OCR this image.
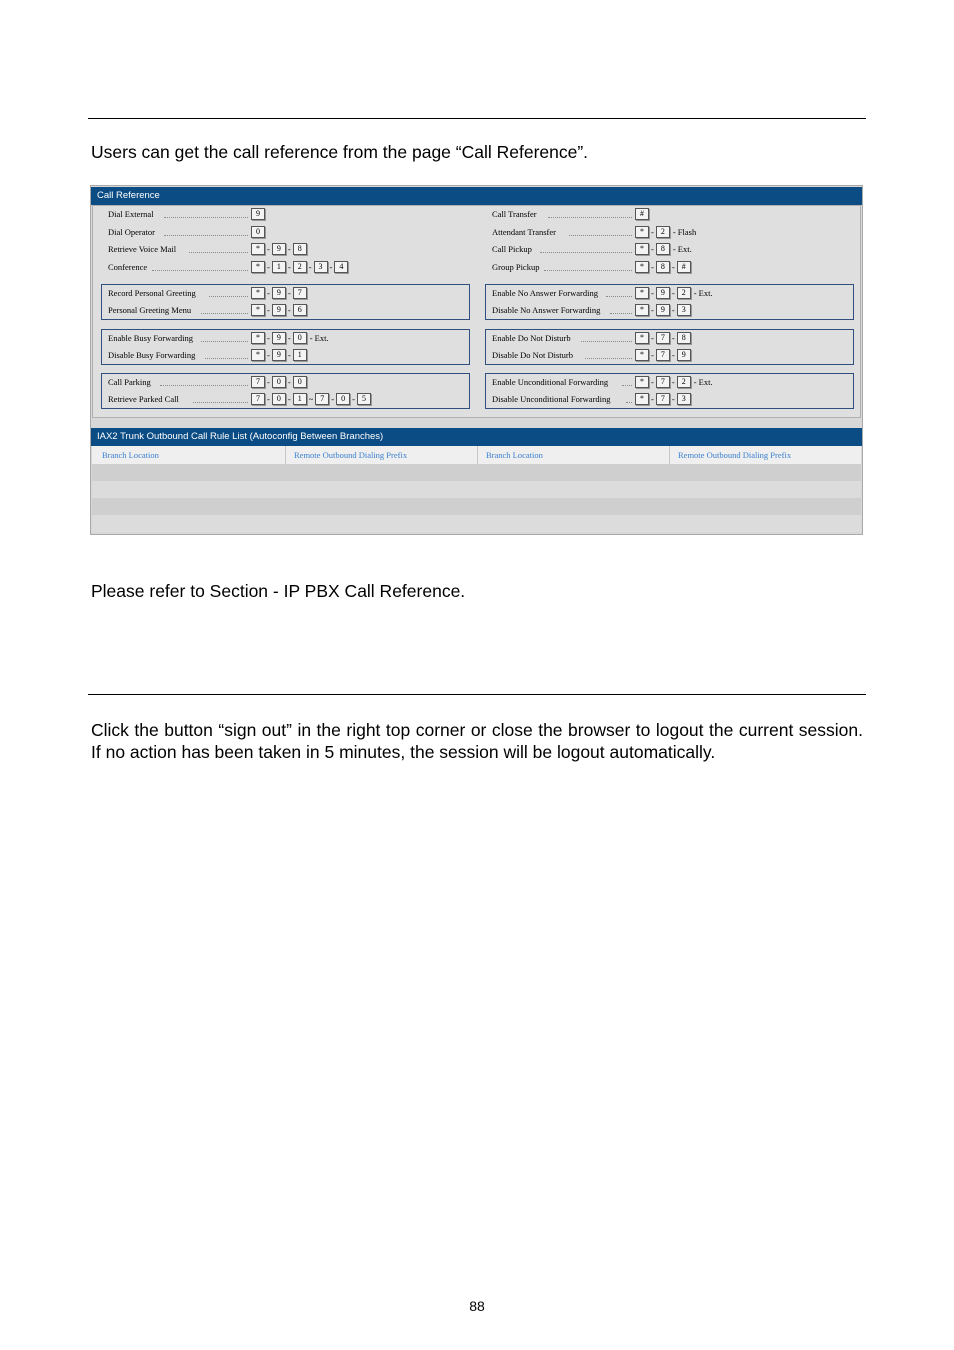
Users can get the call reference from the page “Call Reference”.
Call Reference
Dial External	9
Dial Operator	0
Retrieve Voice Mail	* - 9 - 8
Conference	* - 1 - 2 - 3 - 4
Call Transfer	#
Attendant Transfer	* - 2 - Flash
Call Pickup	* - 8 - Ext.
Group Pickup	* - 8 - #
Record Personal Greeting	* - 9 - 7
Personal Greeting Menu	* - 9 - 6
Enable Busy Forwarding	* - 9 - 0 - Ext.
Disable Busy Forwarding	* - 9 - 1
Call Parking	7 - 0 - 0
Retrieve Parked Call	7 - 0 - 1 ~ 7 - 0 - 5
Enable No Answer Forwarding	* - 9 - 2 - Ext.
Disable No Answer Forwarding	* - 9 - 3
Enable Do Not Disturb	* - 7 - 8
Disable Do Not Disturb	* - 7 - 9
Enable Unconditional Forwarding	* - 7 - 2 - Ext.
Disable Unconditional Forwarding	* - 7 - 3
IAX2 Trunk Outbound Call Rule List (Autoconfig Between Branches)
Branch Location	Remote Outbound Dialing Prefix	Branch Location	Remote Outbound Dialing Prefix
Please refer to Section - IP PBX Call Reference.
Click the button “sign out” in the right top corner or close the browser to logout the current session. If no action has been taken in 5 minutes, the session will be logout automatically.
88
